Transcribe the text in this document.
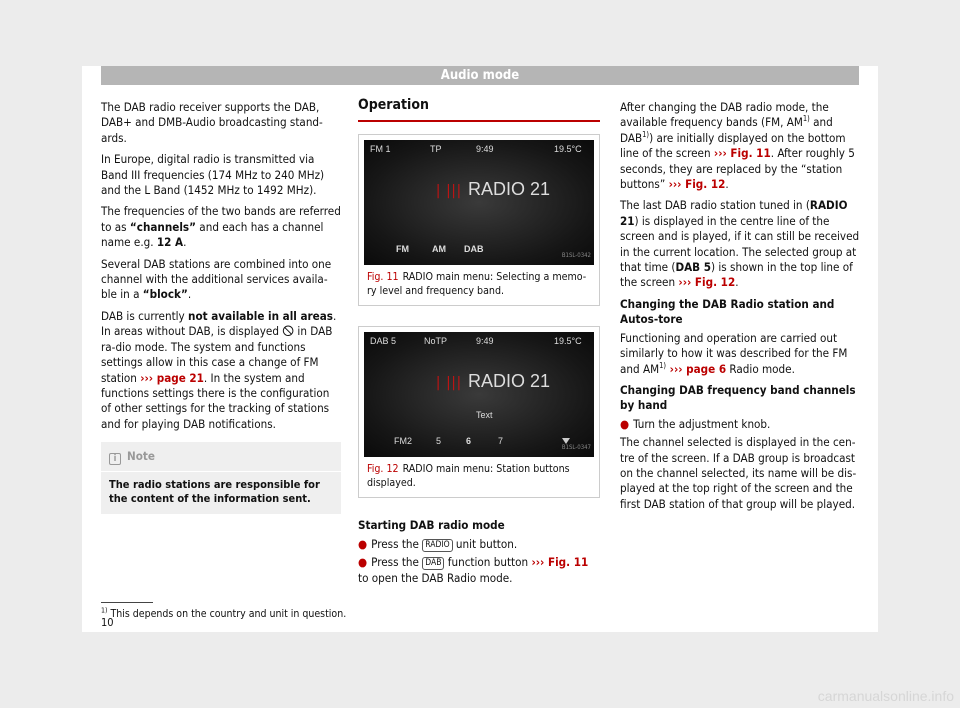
Audio mode

The DAB radio receiver supports the DAB, DAB+ and DMB-Audio broadcasting stand-ards.

In Europe, digital radio is transmitted via Band III frequencies (174 MHz to 240 MHz) and the L Band (1452 MHz to 1492 MHz).

The frequencies of the two bands are referred to as “channels” and each has a channel name e.g. 12 A.

Several DAB stations are combined into one channel with the additional services availa-ble in a “block”.

DAB is currently not available in all areas. In areas without DAB, is displayed 🛇 in DAB ra-dio mode. The system and functions settings allow in this case a change of FM station ››› page 21. In the system and functions settings there is the configuration of other settings for the tracking of stations and for playing DAB notifications.

i Note
The radio stations are responsible for the content of the information sent.
Operation
FM 1	TP	9:49	19.5°C
| ||| RADIO 21
FM	AM DAB
B1SL-0342
Fig. 11 RADIO main menu: Selecting a memo-ry level and frequency band.
DAB 5	NoTP	9:49	19.5°C
| ||| RADIO 21
Text
FM2	5	6	7
B1SL-0347
Fig. 12 RADIO main menu: Station buttons displayed.
Starting DAB radio mode
● Press the RADIO unit button.
● Press the DAB function button ››› Fig. 11 to open the DAB Radio mode.

After changing the DAB radio mode, the available frequency bands (FM, AM$^{1)}$ and DAB$^{1)}$) are initially displayed on the bottom line of the screen ››› Fig. 11. After roughly 5 seconds, they are replaced by the “station buttons” ››› Fig. 12.

The last DAB radio station tuned in (RADIO 21) is displayed in the centre line of the screen and is played, if it can still be received in the current location. The selected group at that time (DAB 5) is shown in the top line of the screen ››› Fig. 12.

Changing the DAB Radio station and Autos-tore

Functioning and operation are carried out similarly to how it was described for the FM and AM$^{1)}$ ››› page 6 Radio mode.

Changing DAB frequency band channels by hand
● Turn the adjustment knob.

The channel selected is displayed in the cen-tre of the screen. If a DAB group is broadcast on the channel selected, its name will be dis-played at the top right of the screen and the first DAB station of that group will be played.

$^{1)}$ This depends on the country and unit in question.
10
carmanualsonline.info
